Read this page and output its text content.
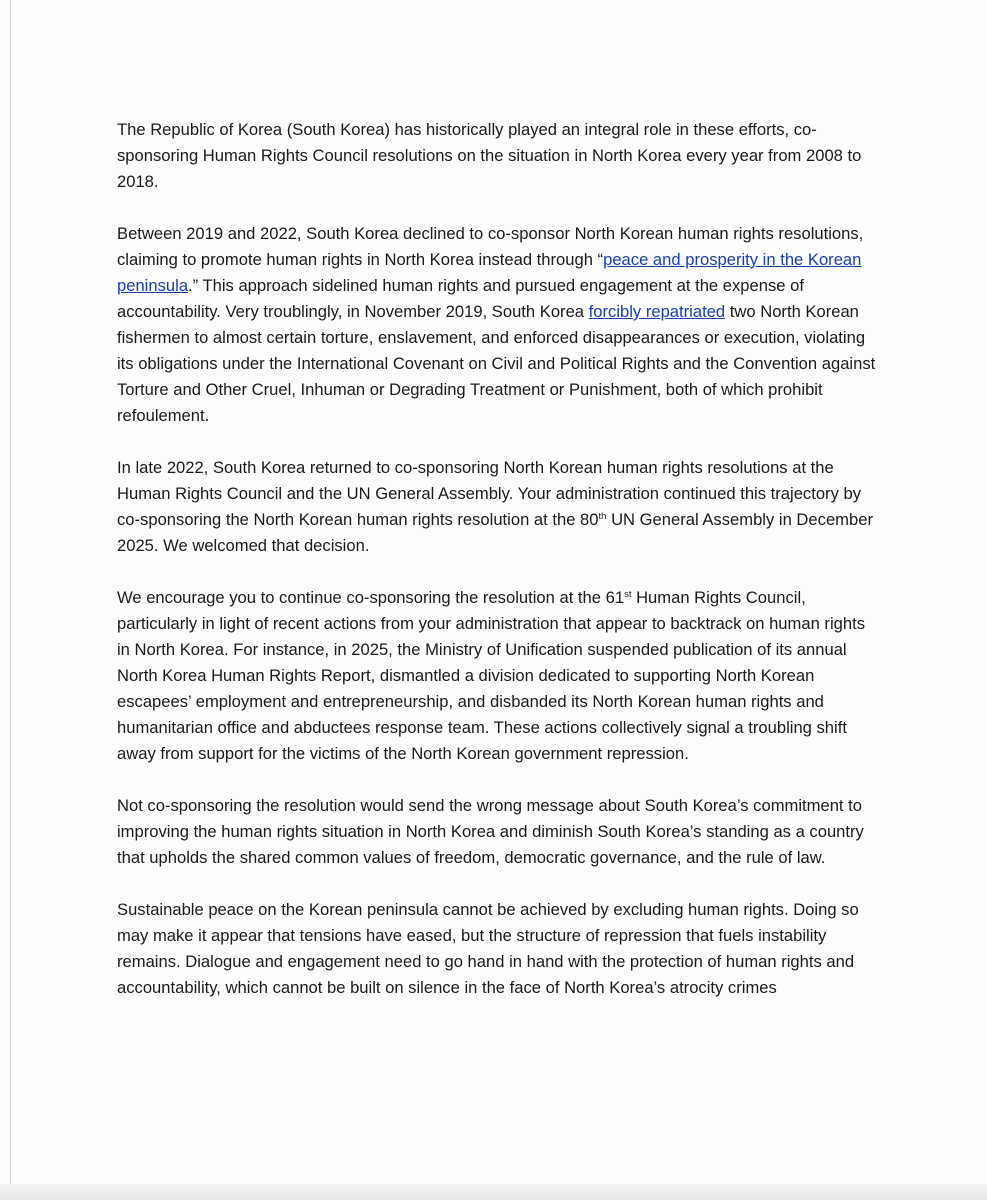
The Republic of Korea (South Korea) has historically played an integral role in these efforts, co-sponsoring Human Rights Council resolutions on the situation in North Korea every year from 2008 to 2018.

Between 2019 and 2022, South Korea declined to co-sponsor North Korean human rights resolutions, claiming to promote human rights in North Korea instead through “peace and prosperity in the Korean peninsula.” This approach sidelined human rights and pursued engagement at the expense of accountability. Very troublingly, in November 2019, South Korea forcibly repatriated two North Korean fishermen to almost certain torture, enslavement, and enforced disappearances or execution, violating its obligations under the International Covenant on Civil and Political Rights and the Convention against Torture and Other Cruel, Inhuman or Degrading Treatment or Punishment, both of which prohibit refoulement.

In late 2022, South Korea returned to co-sponsoring North Korean human rights resolutions at the Human Rights Council and the UN General Assembly. Your administration continued this trajectory by co-sponsoring the North Korean human rights resolution at the 80th UN General Assembly in December 2025. We welcomed that decision.

We encourage you to continue co-sponsoring the resolution at the 61st Human Rights Council, particularly in light of recent actions from your administration that appear to backtrack on human rights in North Korea. For instance, in 2025, the Ministry of Unification suspended publication of its annual North Korea Human Rights Report, dismantled a division dedicated to supporting North Korean escapees’ employment and entrepreneurship, and disbanded its North Korean human rights and humanitarian office and abductees response team. These actions collectively signal a troubling shift away from support for the victims of the North Korean government repression.

Not co-sponsoring the resolution would send the wrong message about South Korea’s commitment to improving the human rights situation in North Korea and diminish South Korea’s standing as a country that upholds the shared common values of freedom, democratic governance, and the rule of law.

Sustainable peace on the Korean peninsula cannot be achieved by excluding human rights. Doing so may make it appear that tensions have eased, but the structure of repression that fuels instability remains. Dialogue and engagement need to go hand in hand with the protection of human rights and accountability, which cannot be built on silence in the face of North Korea’s atrocity crimes
